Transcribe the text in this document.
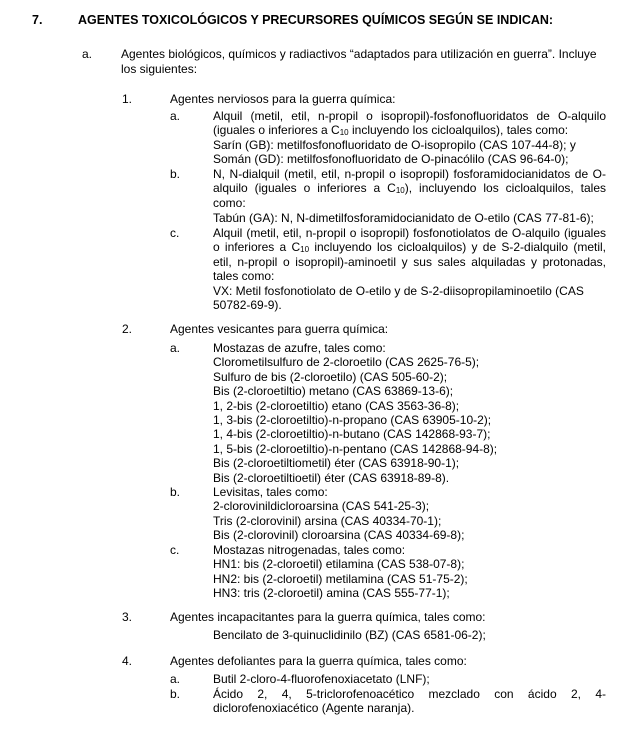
7.	AGENTES TOXICOLÓGICOS Y PRECURSORES QUÍMICOS SEGÚN SE INDICAN:
a. Agentes biológicos, químicos y radiactivos “adaptados para utilización en guerra”. Incluye los siguientes:
1.	Agentes nerviosos para la guerra química:
a.	Alquil (metil, etil, n-propil o isopropil)-fosfonofluoridatos de O-alquilo (iguales o inferiores a $C_{10}$ incluyendo los cicloalquilos), tales como:
Sarín (GB): metilfosfonofluoridato de O-isopropilo (CAS 107-44-8); y
Somán (GD): metilfosfonofluoridato de O-pinacólilo (CAS 96-64-0);
b.	N, N-dialquil (metil, etil, n-propil o isopropil) fosforamidocianidatos de O-alquilo (iguales o inferiores a $C_{10}$), incluyendo los cicloalquilos, tales como:
Tabún (GA): N, N-dimetilfosforamidocianidato de O-etilo (CAS 77-81-6);
c.	Alquil (metil, etil, n-propil o isopropil) fosfonotiolatos de O-alquilo (iguales o inferiores a $C_{10}$ incluyendo los cicloalquilos) y de S-2-dialquilo (metil, etil, n-propil o isopropil)-aminoetil y sus sales alquiladas y protonadas, tales como:
VX: Metil fosfonotiolato de O-etilo y de S-2-diisopropilaminoetilo (CAS 50782-69-9).
2.	Agentes vesicantes para guerra química:
a.	Mostazas de azufre, tales como:
Clorometilsulfuro de 2-cloroetilo (CAS 2625-76-5);
Sulfuro de bis (2-cloroetilo) (CAS 505-60-2);
Bis (2-cloroetiltio) metano (CAS 63869-13-6);
1, 2-bis (2-cloroetiltio) etano (CAS 3563-36-8);
1, 3-bis (2-cloroetiltio)-n-propano (CAS 63905-10-2);
1, 4-bis (2-cloroetiltio)-n-butano (CAS 142868-93-7);
1, 5-bis (2-cloroetiltio)-n-pentano (CAS 142868-94-8);
Bis (2-cloroetiltiometil) éter (CAS 63918-90-1);
Bis (2-cloroetiltioetil) éter (CAS 63918-89-8).
b.	Levisitas, tales como:
2-clorovinildicloroarsina (CAS 541-25-3);
Tris (2-clorovinil) arsina (CAS 40334-70-1);
Bis (2-clorovinil) cloroarsina (CAS 40334-69-8);
c.	Mostazas nitrogenadas, tales como:
HN1: bis (2-cloroetil) etilamina (CAS 538-07-8);
HN2: bis (2-cloroetil) metilamina (CAS 51-75-2);
HN3: tris (2-cloroetil) amina (CAS 555-77-1);
3.	Agentes incapacitantes para la guerra química, tales como:
Bencilato de 3-quinuclidinilo (BZ) (CAS 6581-06-2);
4.	Agentes defoliantes para la guerra química, tales como:
a.	Butil 2-cloro-4-fluorofenoxiacetato (LNF);
b.	Ácido 2, 4, 5-triclorofenoacético mezclado con ácido 2, 4-diclorofenoxiacético (Agente naranja).
